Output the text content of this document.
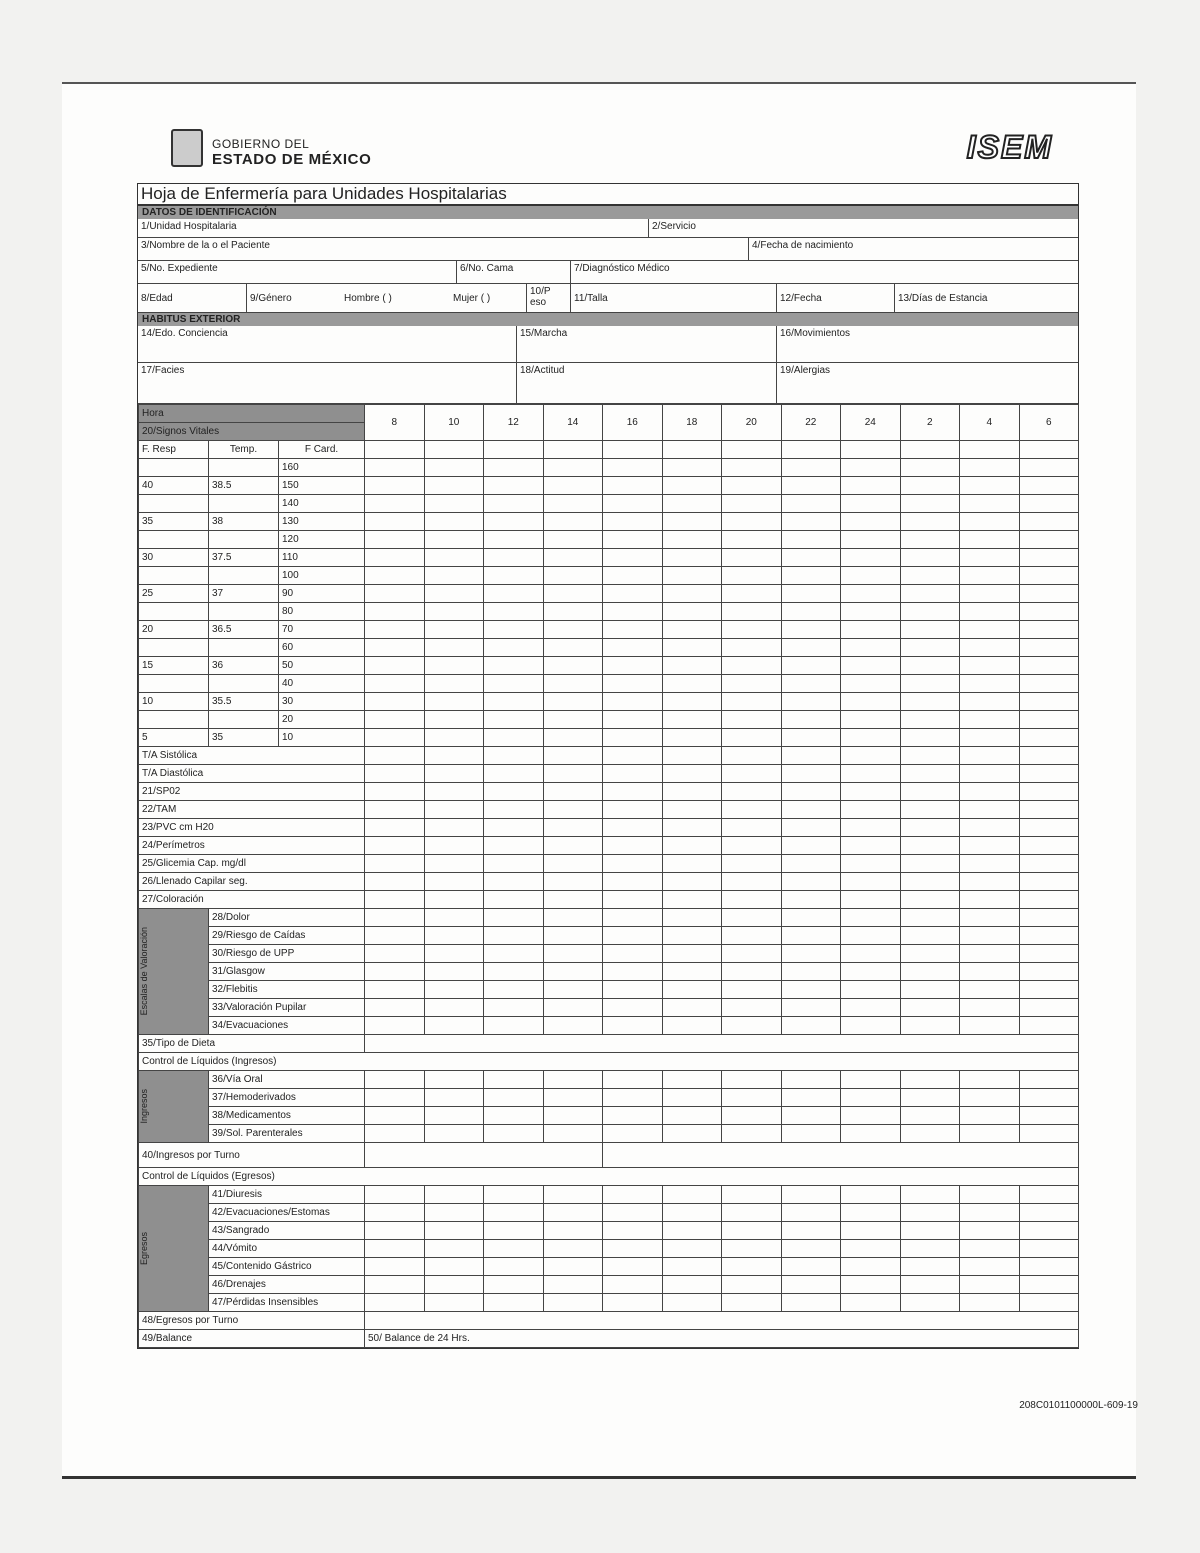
GOBIERNO DEL
ESTADO DE MÉXICO	ISEM
Hoja de Enfermería para Unidades Hospitalarias
DATOS DE IDENTIFICACIÓN
1/Unidad Hospitalaria	2/Servicio
3/Nombre de la o el Paciente	4/Fecha de nacimiento
5/No. Expediente	6/No. Cama	7/Diagnóstico Médico
8/Edad	9/Género	Hombre ( )	Mujer ( )
10/P eso	11/Talla	12/Fecha	13/Días de Estancia
HABITUS EXTERIOR
14/Edo. Conciencia	15/Marcha	16/Movimientos
17/Facies	18/Actitud	19/Alergias
Hora			8	10	12	14	16	18	20	22	24	2	4	6
20/Signos Vitales														
F. Resp	Temp.	F Card.												
		160												
40	38.5	150												
		140												
35	38	130												
		120												
30	37.5	110												
		100												
25	37	90												
		80												
20	36.5	70												
		60												
15	36	50												
		40												
10	35.5	30												
		20												
5	35	10												
T/A Sistólica														
T/A Diastólica														
21/SP02														
22/TAM														
23/PVC cm H20														
24/Perímetros														
25/Glicemia Cap. mg/dl														
26/Llenado Capilar seg.														
27/Coloración														

Escalas de Valoración	28/Dolor													
	29/Riesgo de Caídas													
	30/Riesgo de UPP													
	31/Glasgow													
	32/Flebitis													
	33/Valoración Pupilar													
	34/Evacuaciones													
35/Tipo de Dieta														
Control de Líquidos (Ingresos)														

Ingresos	36/Vía Oral													
	37/Hemoderivados													
	38/Medicamentos													
	39/Sol. Parenterales													
40/Ingresos por Turno														
Control de Líquidos (Egresos)														

Egresos	41/Diuresis													
	42/Evacuaciones/Estomas													
	43/Sangrado													
	44/Vómito													
	45/Contenido Gástrico													
	46/Drenajes													
	47/Pérdidas Insensibles													
48/Egresos por Turno														
49/Balance			50/ Balance de 24 Hrs.											
208C0101100000L-609-19
